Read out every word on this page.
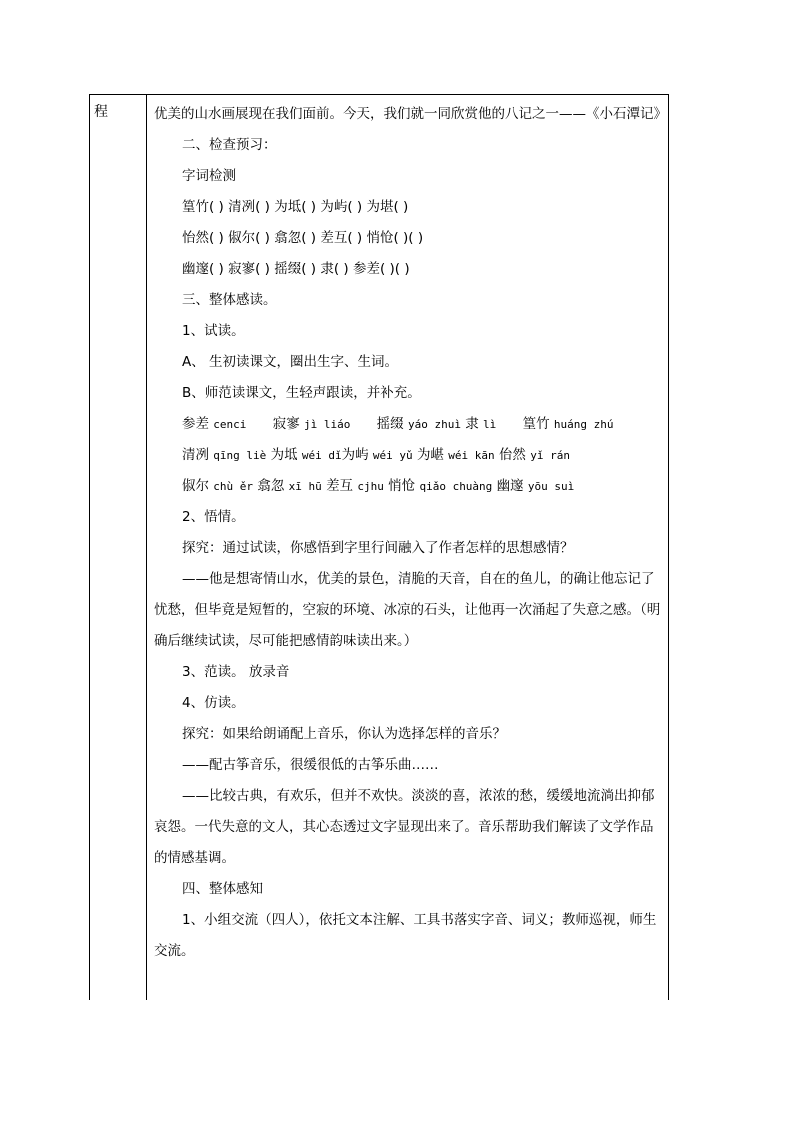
程	优美的山水画展现在我们面前。今天，我们就一同欣赏他的八记之一——《小石潭记》
二、检查预习：
字词检测
篁竹( ) 清冽( ) 为坻( ) 为屿( ) 为堪( )
怡然( ) 俶尔( ) 翕忽( ) 差互( ) 悄怆( )( )
幽邃( ) 寂寥( ) 摇缀( ) 隶( ) 参差( )( )
三、整体感读。
1、试读。
A、 生初读课文，圈出生字、生词。
B、师范读课文，生轻声跟读，并补充。
参差 cenci 寂寥 jì liáo 摇缀 yáo zhuì 隶 lì 篁竹 huáng zhú
清冽 qīng liè 为坻 wéi dǐ为屿 wéi yǔ 为嵁 wéi kān 佁然 yǐ rán
俶尔 chù ěr 翕忽 xī hū 差互 cjhu 悄怆 qiǎo chuàng 幽邃 yōu suì
2、悟情。
探究：通过试读，你感悟到字里行间融入了作者怎样的思想感情？
——他是想寄情山水，优美的景色，清脆的天音，自在的鱼儿，的确让他忘记了忧愁，但毕竟是短暂的，空寂的环境、冰凉的石头，让他再一次涌起了失意之感。（明确后继续试读，尽可能把感情韵味读出来。）
3、范读。 放录音
4、仿读。
探究：如果给朗诵配上音乐，你认为选择怎样的音乐？
——配古筝音乐，很缓很低的古筝乐曲……
——比较古典，有欢乐，但并不欢快。淡淡的喜，浓浓的愁，缓缓地流淌出抑郁哀怨。一代失意的文人，其心态透过文字显现出来了。音乐帮助我们解读了文学作品的情感基调。
四、整体感知
1、小组交流（四人），依托文本注解、工具书落实字音、词义；教师巡视，师生交流。
